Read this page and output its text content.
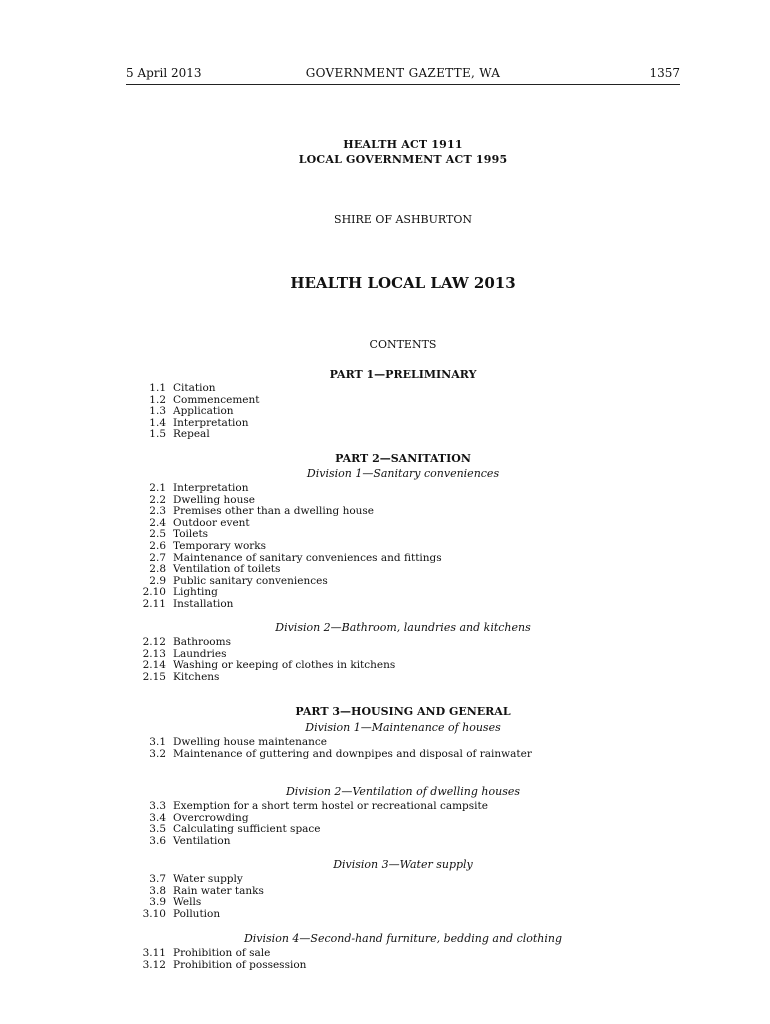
5 April 2013	GOVERNMENT GAZETTE, WA	1357
HEALTH ACT 1911
LOCAL GOVERNMENT ACT 1995
SHIRE OF ASHBURTON
HEALTH LOCAL LAW 2013
CONTENTS
PART 1—PRELIMINARY
1.1 Citation
1.2 Commencement
1.3 Application
1.4 Interpretation
1.5 Repeal
PART 2—SANITATION
Division 1—Sanitary conveniences
2.1 Interpretation
2.2 Dwelling house
2.3 Premises other than a dwelling house
2.4 Outdoor event
2.5 Toilets
2.6 Temporary works
2.7 Maintenance of sanitary conveniences and fittings
2.8 Ventilation of toilets
2.9 Public sanitary conveniences
2.10 Lighting
2.11 Installation
Division 2—Bathroom, laundries and kitchens
2.12 Bathrooms
2.13 Laundries
2.14 Washing or keeping of clothes in kitchens
2.15 Kitchens
PART 3—HOUSING AND GENERAL
Division 1—Maintenance of houses
3.1 Dwelling house maintenance
3.2 Maintenance of guttering and downpipes and disposal of rainwater
Division 2—Ventilation of dwelling houses
3.3 Exemption for a short term hostel or recreational campsite
3.4 Overcrowding
3.5 Calculating sufficient space
3.6 Ventilation
Division 3—Water supply
3.7 Water supply
3.8 Rain water tanks
3.9 Wells
3.10 Pollution
Division 4—Second-hand furniture, bedding and clothing
3.11 Prohibition of sale
3.12 Prohibition of possession
